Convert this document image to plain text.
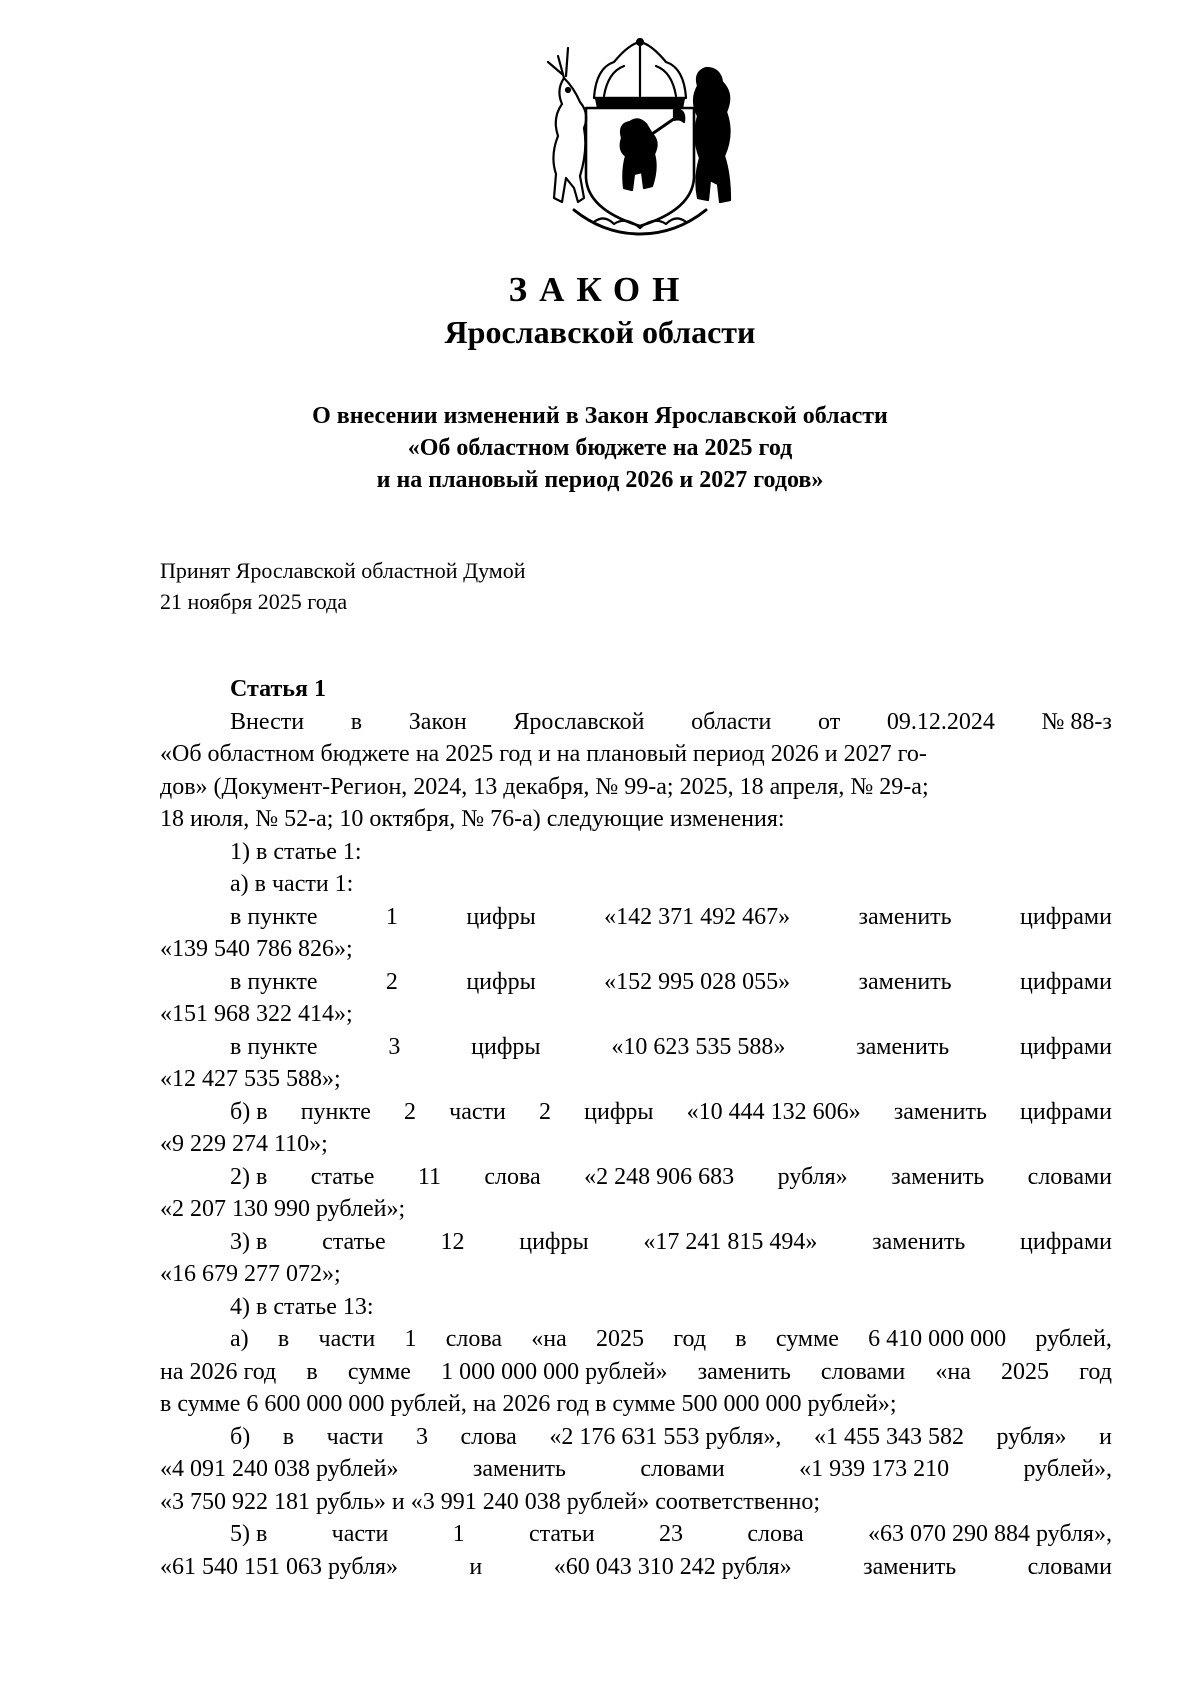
ЗАКОН
Ярославской области
О внесении изменений в Закон Ярославской области
«Об областном бюджете на 2025 год
и на плановый период 2026 и 2027 годов»
Принят Ярославской областной Думой
21 ноября 2025 года
Статья 1
Внести в Закон Ярославской области от 09.12.2024 № 88-з
«Об областном бюджете на 2025 год и на плановый период 2026 и 2027 го-
дов» (Документ-Регион, 2024, 13 декабря, № 99-а; 2025, 18 апреля, № 29-а;
18 июля, № 52-а; 10 октября, № 76-а) следующие изменения:
1) в статье 1:
а) в части 1:
в пункте	1	цифры	«142 371 492 467»	заменить	цифрами
«139 540 786 826»;
в пункте	2	цифры	«152 995 028 055»	заменить	цифрами
«151 968 322 414»;
в пункте	3	цифры	«10 623 535 588»	заменить	цифрами
«12 427 535 588»;
б) в пункте 2 части 2 цифры «10 444 132 606» заменить цифрами
«9 229 274 110»;
2) в статье 11 слова «2 248 906 683 рубля» заменить словами
«2 207 130 990 рублей»;
3) в статье 12 цифры «17 241 815 494» заменить цифрами
«16 679 277 072»;
4) в статье 13:
а) в части 1 слова «на 2025 год в сумме 6 410 000 000 рублей,
на 2026 год в сумме 1 000 000 000 рублей» заменить словами «на 2025 год
в сумме 6 600 000 000 рублей, на 2026 год в сумме 500 000 000 рублей»;
б) в части 3 слова «2 176 631 553 рубля», «1 455 343 582 рубля» и
«4 091 240 038 рублей»	заменить	словами	«1 939 173 210	рублей»,
«3 750 922 181 рубль» и «3 991 240 038 рублей» соответственно;
5) в	части	1	статьи	23	слова	«63 070 290 884 рубля»,
«61 540 151 063 рубля»	и	«60 043 310 242 рубля»	заменить	словами
